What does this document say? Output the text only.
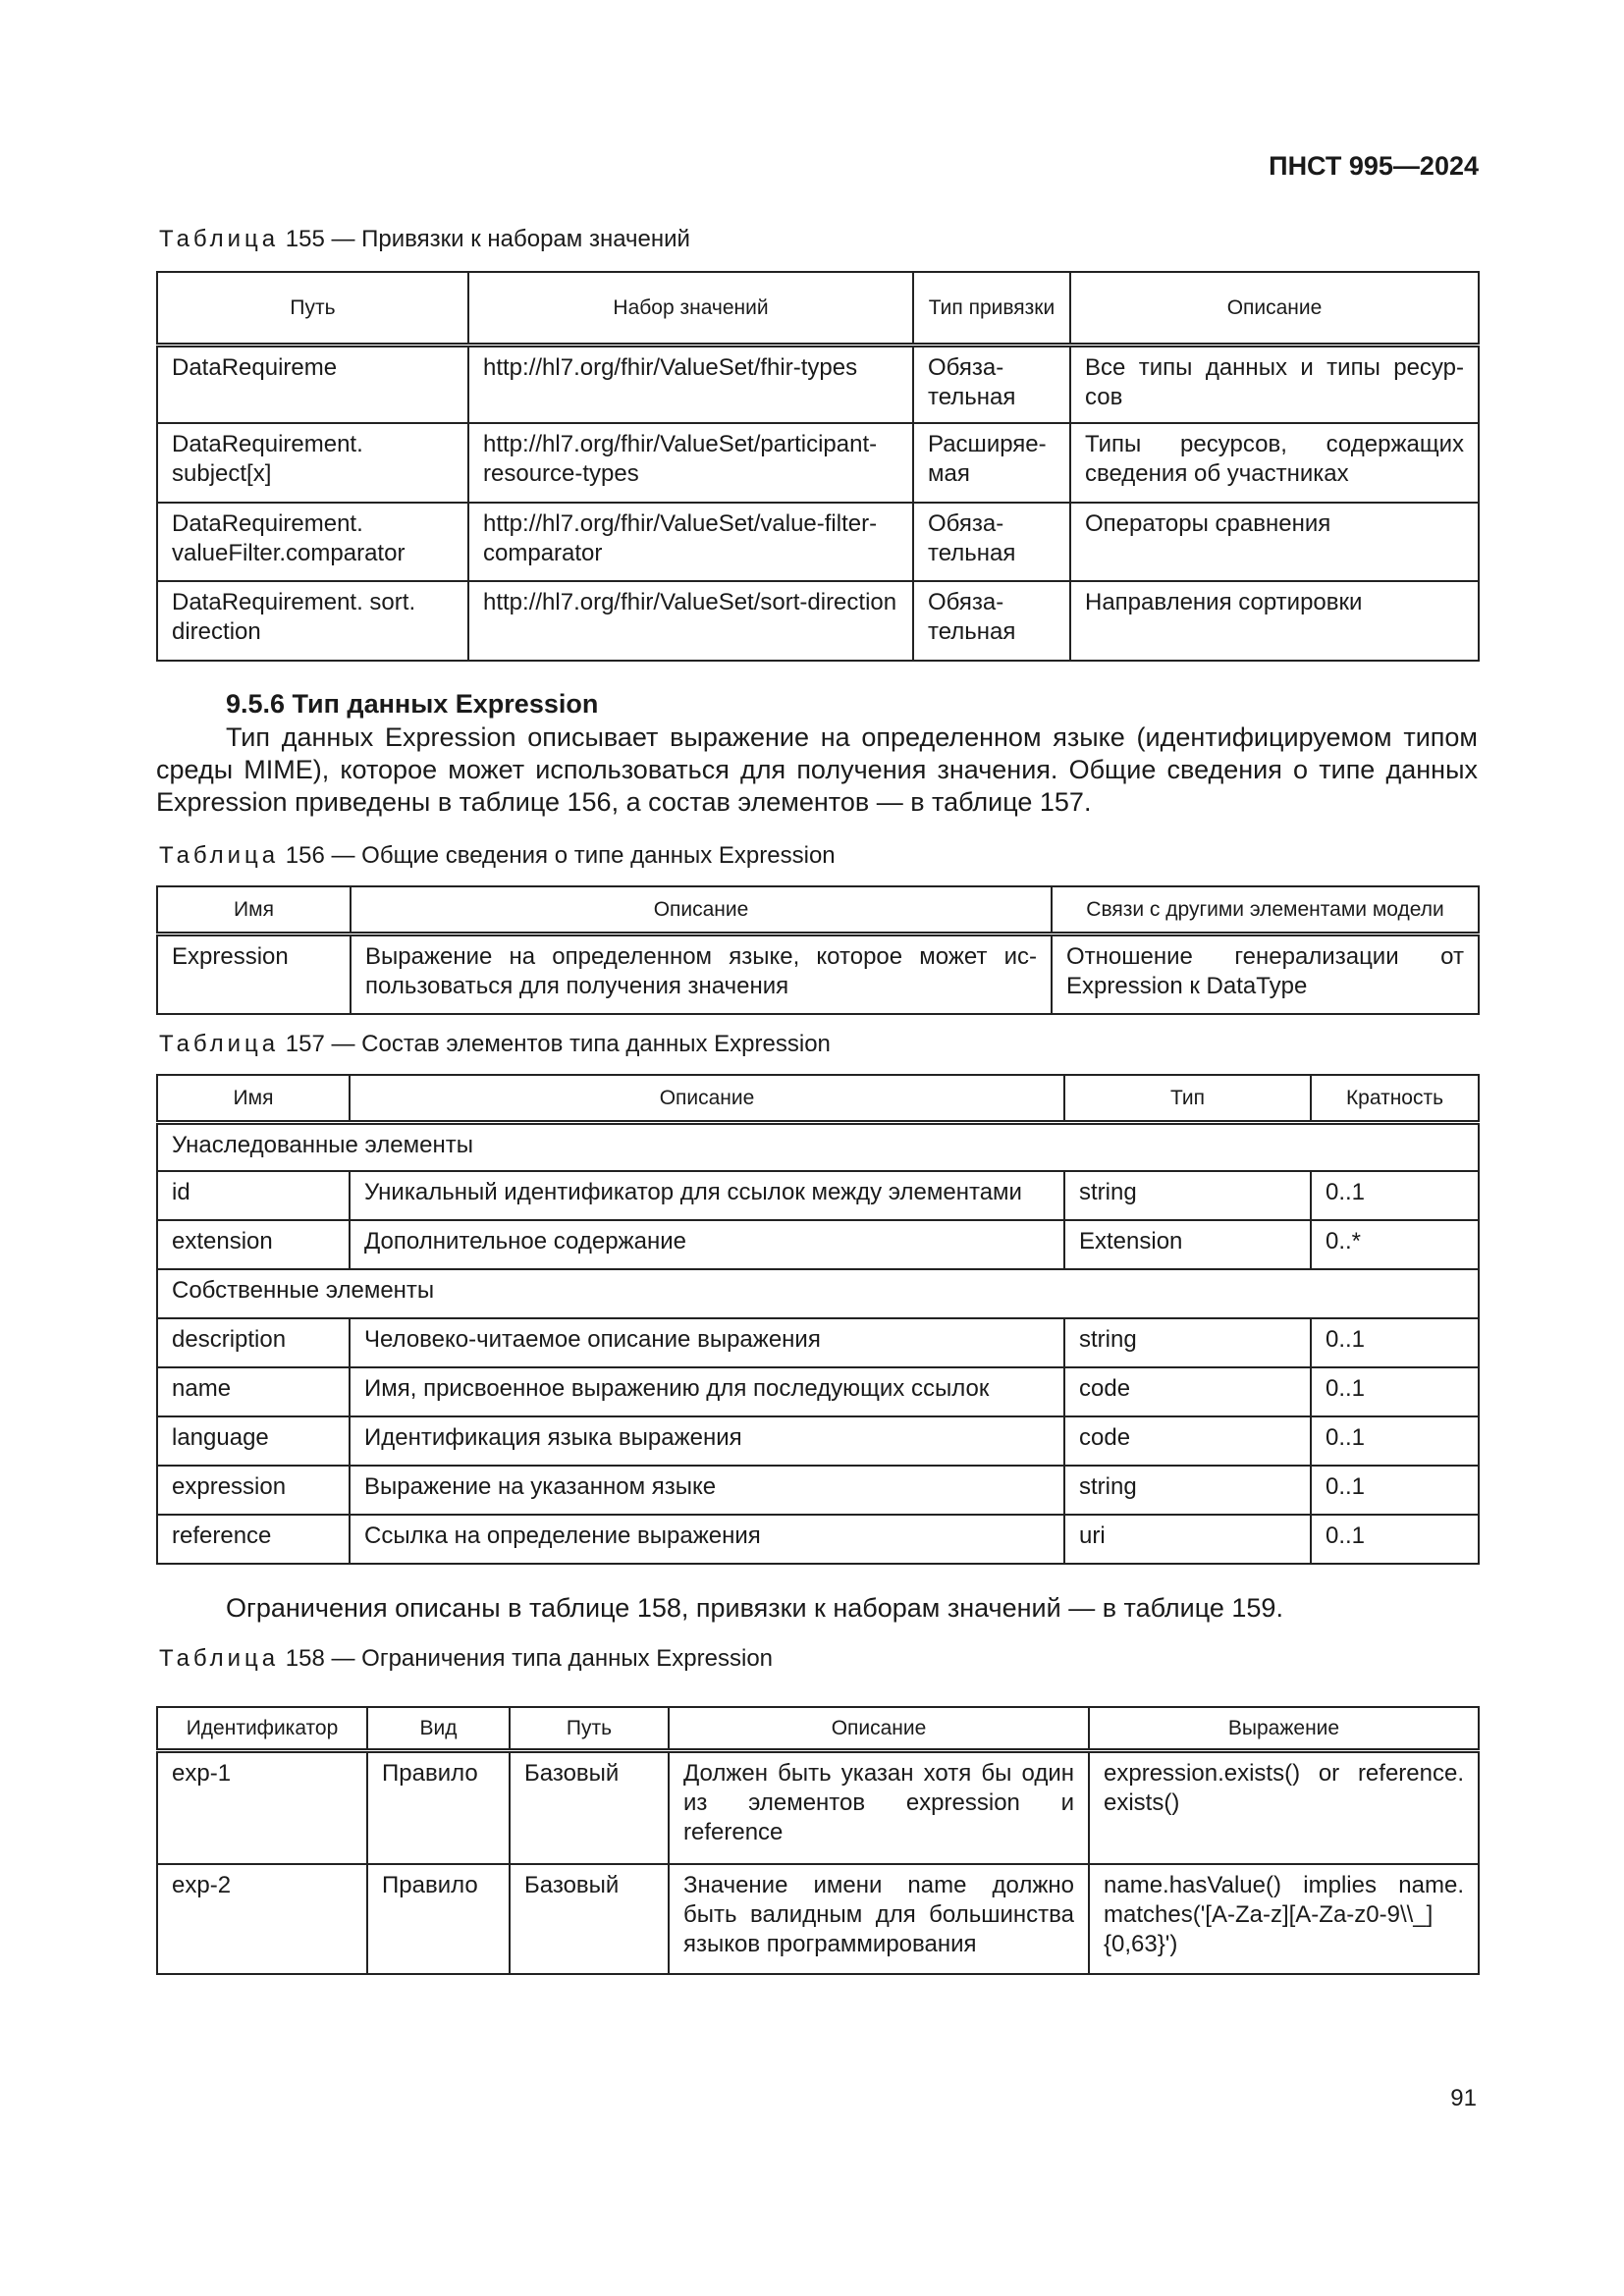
ПНСТ 995—2024
Таблица 155 — Привязки к наборам значений
Путь	Набор значений	Тип привязки	Описание
DataRequireme	http://hl7.org/fhir/ValueSet/fhir-types	Обяза-тельная	Все типы данных и типы ресур-сов
DataRequirement. subject[x]	http://hl7.org/fhir/ValueSet/participant-resource-types	Расширяе-мая	Типы ресурсов, содержащих сведения об участниках
DataRequirement. valueFilter.comparator	http://hl7.org/fhir/ValueSet/value-filter-comparator	Обяза-тельная	Операторы сравнения
DataRequirement. sort. direction	http://hl7.org/fhir/ValueSet/sort-direction	Обяза-тельная	Направления сортировки
9.5.6 Тип данных Expression
Тип данных Expression описывает выражение на определенном языке (идентифицируемом типом среды MIME), которое может использоваться для получения значения. Общие сведения о типе данных Expression приведены в таблице 156, а состав элементов — в таблице 157.
Таблица 156 — Общие сведения о типе данных Expression
Имя	Описание	Связи с другими элементами модели
Expression	Выражение на определенном языке, которое может ис-пользоваться для получения значения	Отношение генерализации от Expression к DataType
Таблица 157 — Состав элементов типа данных Expression
Имя	Описание	Тип	Кратность
Унаследованные элементы			
id	Уникальный идентификатор для ссылок между элементами	string	0..1
extension	Дополнительное содержание	Extension	0..*
Собственные элементы			
description	Человеко-читаемое описание выражения	string	0..1
name	Имя, присвоенное выражению для последующих ссылок	code	0..1
language	Идентификация языка выражения	code	0..1
expression	Выражение на указанном языке	string	0..1
reference	Ссылка на определение выражения	uri	0..1
Ограничения описаны в таблице 158, привязки к наборам значений — в таблице 159.
Таблица 158 — Ограничения типа данных Expression
Идентификатор	Вид	Путь	Описание	Выражение
exp-1	Правило	Базовый	Должен быть указан хотя бы один из элементов expression и reference	expression.exists() or reference. exists()
exp-2	Правило	Базовый	Значение имени name должно быть валидным для большинства языков программирования	name.hasValue() implies name. matches('[A-Za-z][A-Za-z0-9\\_]{0,63}')
91
